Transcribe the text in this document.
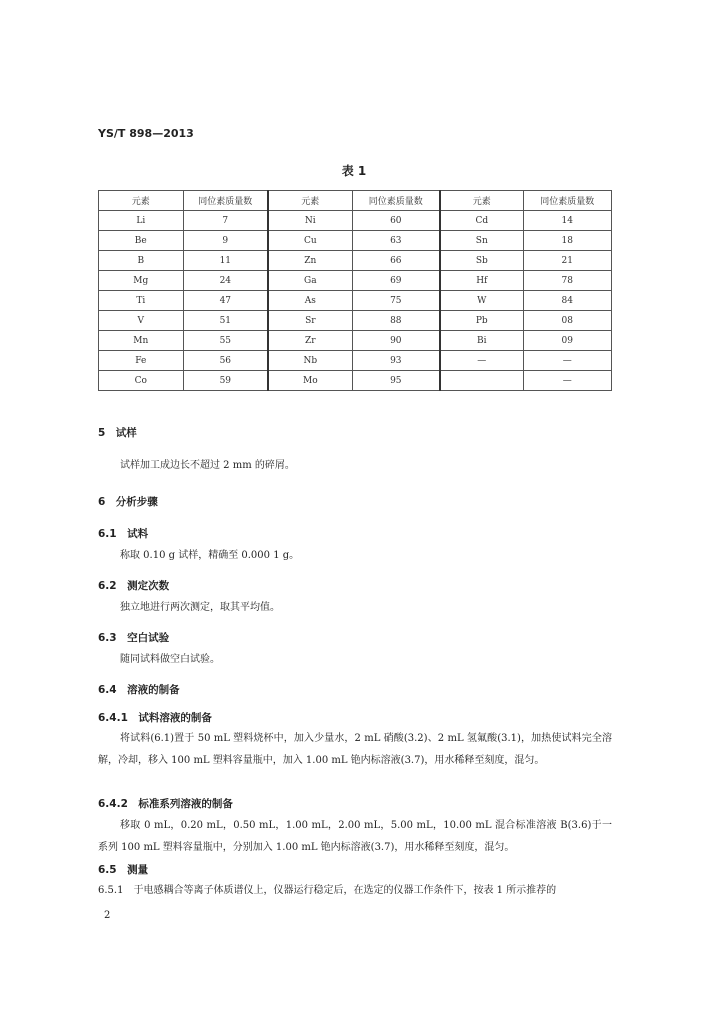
YS/T 898—2013
表 1
元素	同位素质量数	元素	同位素质量数	元素	同位素质量数
Li	7	Ni	60	Cd	14
Be	9	Cu	63	Sn	18
B	11	Zn	66	Sb	21
Mg	24	Ga	69	Hf	78
Ti	47	As	75	W	84
V	51	Sr	88	Pb	08
Mn	55	Zr	90	Bi	09
Fe	56	Nb	93	—	—
Co	59	Mo	95		—
5　试样
试样加工成边长不超过 2 mm 的碎屑。
6　分析步骤
6.1　试料
称取 0.10 g 试样，精确至 0.000 1 g。
6.2　测定次数
独立地进行两次测定，取其平均值。
6.3　空白试验
随同试料做空白试验。
6.4　溶液的制备
6.4.1　试料溶液的制备
将试料(6.1)置于 50 mL 塑料烧杯中，加入少量水，2 mL 硝酸(3.2)、2 mL 氢氟酸(3.1)，加热使试料完全溶解，冷却，移入 100 mL 塑料容量瓶中，加入 1.00 mL 铯内标溶液(3.7)，用水稀释至刻度，混匀。
6.4.2　标准系列溶液的制备
移取 0 mL，0.20 mL，0.50 mL，1.00 mL，2.00 mL，5.00 mL，10.00 mL 混合标准溶液 B(3.6)于一系列 100 mL 塑料容量瓶中，分别加入 1.00 mL 铯内标溶液(3.7)，用水稀释至刻度，混匀。
6.5　测量
6.5.1　于电感耦合等离子体质谱仪上，仪器运行稳定后，在选定的仪器工作条件下，按表 1 所示推荐的
2
